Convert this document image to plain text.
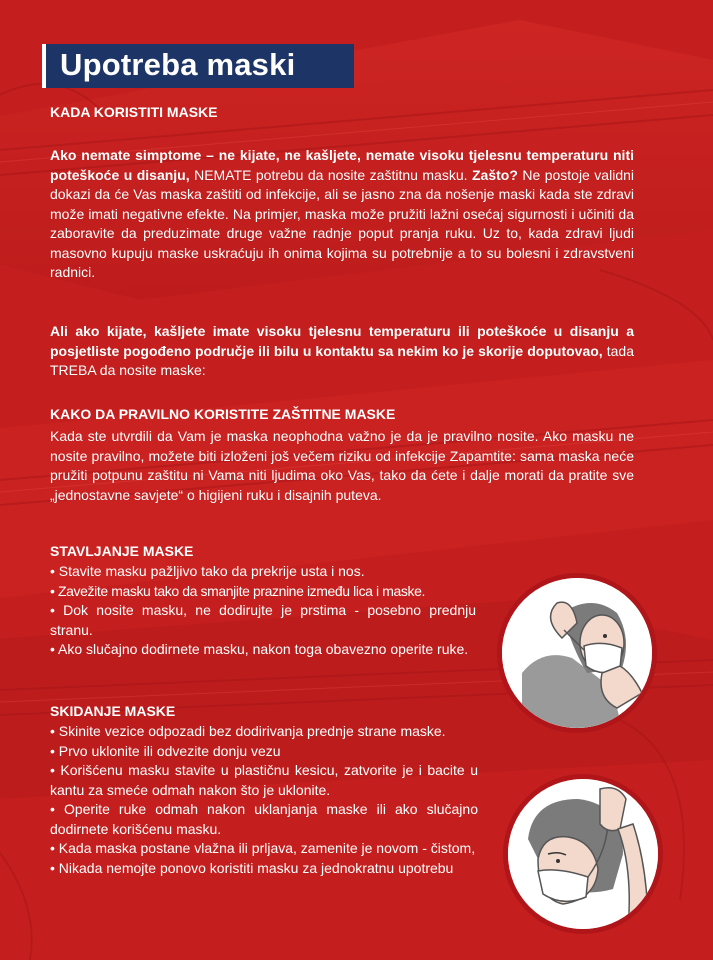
Upotreba maski
KADA KORISTITI MASKE
Ako nemate simptome – ne kijate, ne kašljete, nemate visoku tjelesnu temperaturu niti poteškoće u disanju, NEMATE potrebu da nosite zaštitnu masku. Zašto? Ne postoje validni dokazi da će Vas maska zaštiti od infekcije, ali se jasno zna da nošenje maski kada ste zdravi može imati negativne efekte. Na primjer, maska može pružiti lažni osećaj sigurnosti i učiniti da zaboravite da preduzimate druge važne radnje poput pranja ruku. Uz to, kada zdravi ljudi masovno kupuju maske uskraćuju ih onima kojima su potrebnije a to su bolesni i zdravstveni radnici.
Ali ako kijate, kašljete imate visoku tjelesnu temperaturu ili poteškoće u disanju a posjetliste pogođeno područje ili bilu u kontaktu sa nekim ko je skorije doputovao, tada TREBA da nosite maske:
KAKO DA PRAVILNO KORISTITE ZAŠTITNE MASKE
Kada ste utvrdili da Vam je maska neophodna važno je da je pravilno nosite. Ako masku ne nosite pravilno, možete biti izloženi još večem riziku od infekcije Zapamtite: sama maska neće pružiti potpunu zaštitu ni Vama niti ljudima oko Vas, tako da ćete i dalje morati da pratite sve „jednostavne savjete“ o higijeni ruku i disajnih puteva.
STAVLJANJE MASKE
• Stavite masku pažljivo tako da prekrije usta i nos.
• Zavežite masku tako da smanjite praznine između lica i maske.
• Dok nosite masku, ne dodirujte je prstima - posebno prednju stranu.
• Ako slučajno dodirnete masku, nakon toga obavezno operite ruke.
SKIDANJE MASKE
• Skinite vezice odpozadi bez dodirivanja prednje strane maske.
• Prvo uklonite ili odvezite donju vezu
• Korišćenu masku stavite u plastičnu kesicu, zatvorite je i bacite u kantu za smeće odmah nakon što je uklonite.
• Operite ruke odmah nakon uklanjanja maske ili ako slučajno dodirnete korišćenu masku.
• Kada maska postane vlažna ili prljava, zamenite je novom - čistom,
• Nikada nemojte ponovo koristiti masku za jednokratnu upotrebu
